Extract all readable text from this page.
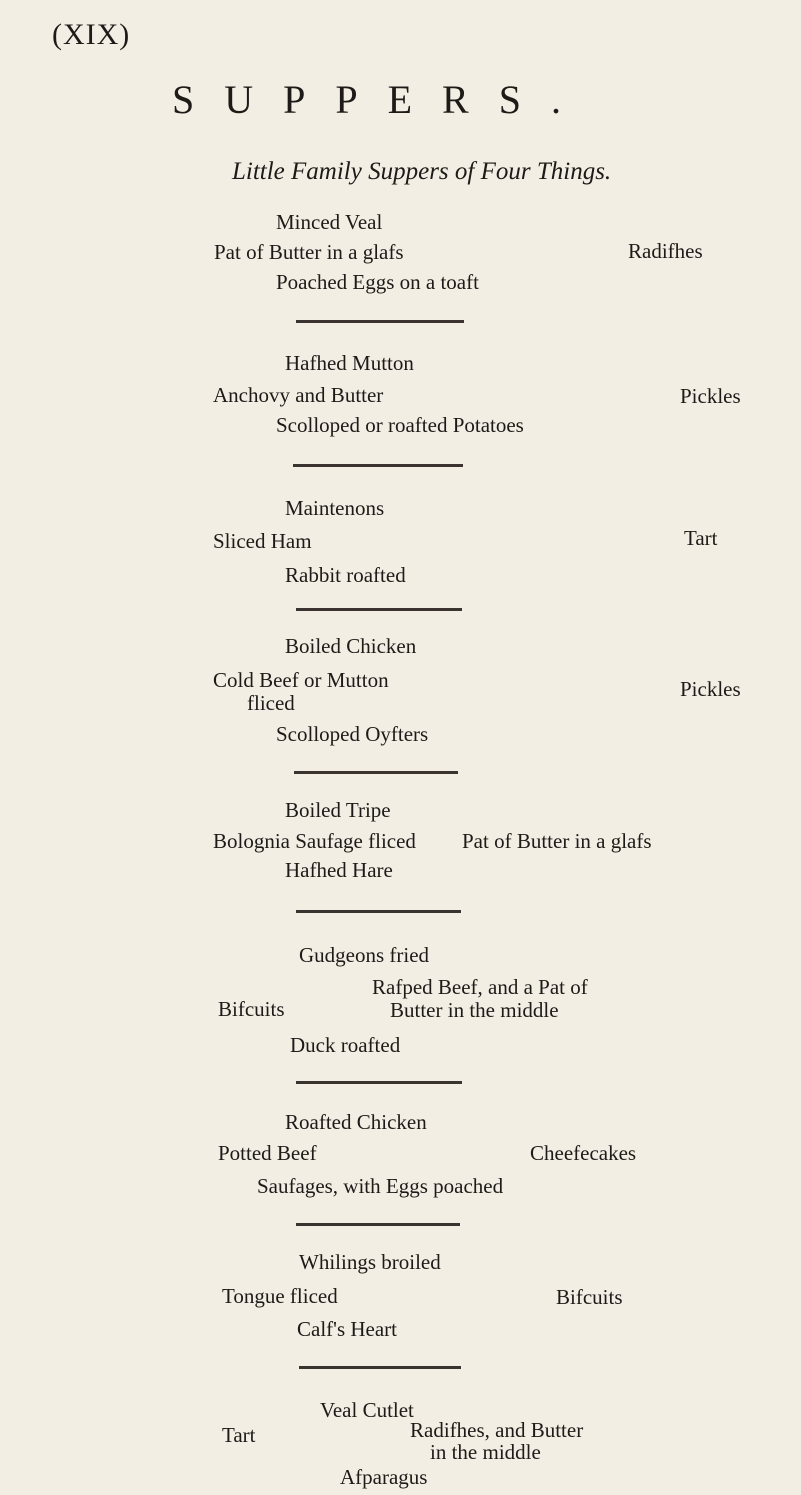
(XIX)
SUPPERS.
Little Family Suppers of Four Things.
Minced Veal
Pat of Butter in a glafs	Radifhes
Poached Eggs on a toaft
Hafhed Mutton
Anchovy and Butter	Pickles
Scolloped or roafted Potatoes
Maintenons
Sliced Ham	Tart
Rabbit roafted
Boiled Chicken
Cold Beef or Mutton
fliced
Pickles
Scolloped Oyfters
Boiled Tripe
Bolognia Saufage fliced Pat of Butter in a glafs
Hafhed Hare
Gudgeons fried
Bifcuits
Rafped Beef, and a Pat of
Butter in the middle
Duck roafted
Roafted Chicken
Potted Beef	Cheefecakes
Saufages, with Eggs poached
Whilings broiled
Tongue fliced	Bifcuits
Calf's Heart
Veal Cutlet
Tart	Radifhes, and Butter
in the middle
Afparagus
